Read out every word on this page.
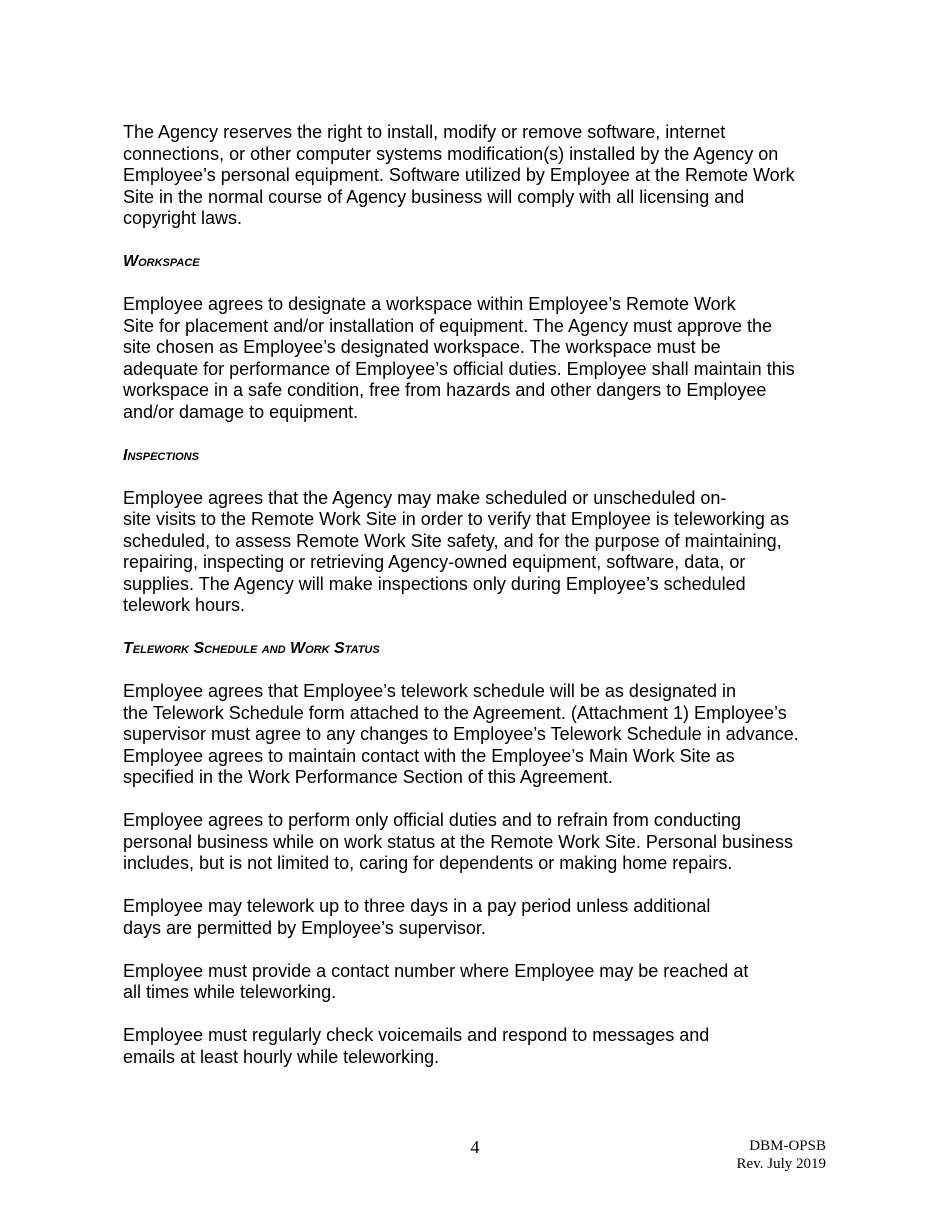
The Agency reserves the right to install, modify or remove software, internet
connections, or other computer systems modification(s) installed by the Agency on
Employee’s personal equipment. Software utilized by Employee at the Remote Work
Site in the normal course of Agency business will comply with all licensing and
copyright laws.

Workspace

Employee agrees to designate a workspace within Employee’s Remote Work
Site for placement and/or installation of equipment. The Agency must approve the
site chosen as Employee’s designated workspace. The workspace must be
adequate for performance of Employee’s official duties. Employee shall maintain this
workspace in a safe condition, free from hazards and other dangers to Employee
and/or damage to equipment.

Inspections

Employee agrees that the Agency may make scheduled or unscheduled on-
site visits to the Remote Work Site in order to verify that Employee is teleworking as
scheduled, to assess Remote Work Site safety, and for the purpose of maintaining,
repairing, inspecting or retrieving Agency-owned equipment, software, data, or
supplies. The Agency will make inspections only during Employee’s scheduled
telework hours.

Telework Schedule and Work Status

Employee agrees that Employee’s telework schedule will be as designated in
the Telework Schedule form attached to the Agreement. (Attachment 1) Employee’s
supervisor must agree to any changes to Employee’s Telework Schedule in advance.
Employee agrees to maintain contact with the Employee’s Main Work Site as
specified in the Work Performance Section of this Agreement.

Employee agrees to perform only official duties and to refrain from conducting
personal business while on work status at the Remote Work Site. Personal business
includes, but is not limited to, caring for dependents or making home repairs.

Employee may telework up to three days in a pay period unless additional
days are permitted by Employee’s supervisor.

Employee must provide a contact number where Employee may be reached at
all times while teleworking.

Employee must regularly check voicemails and respond to messages and
emails at least hourly while teleworking.

4	DBM-OPSB
Rev. July 2019
